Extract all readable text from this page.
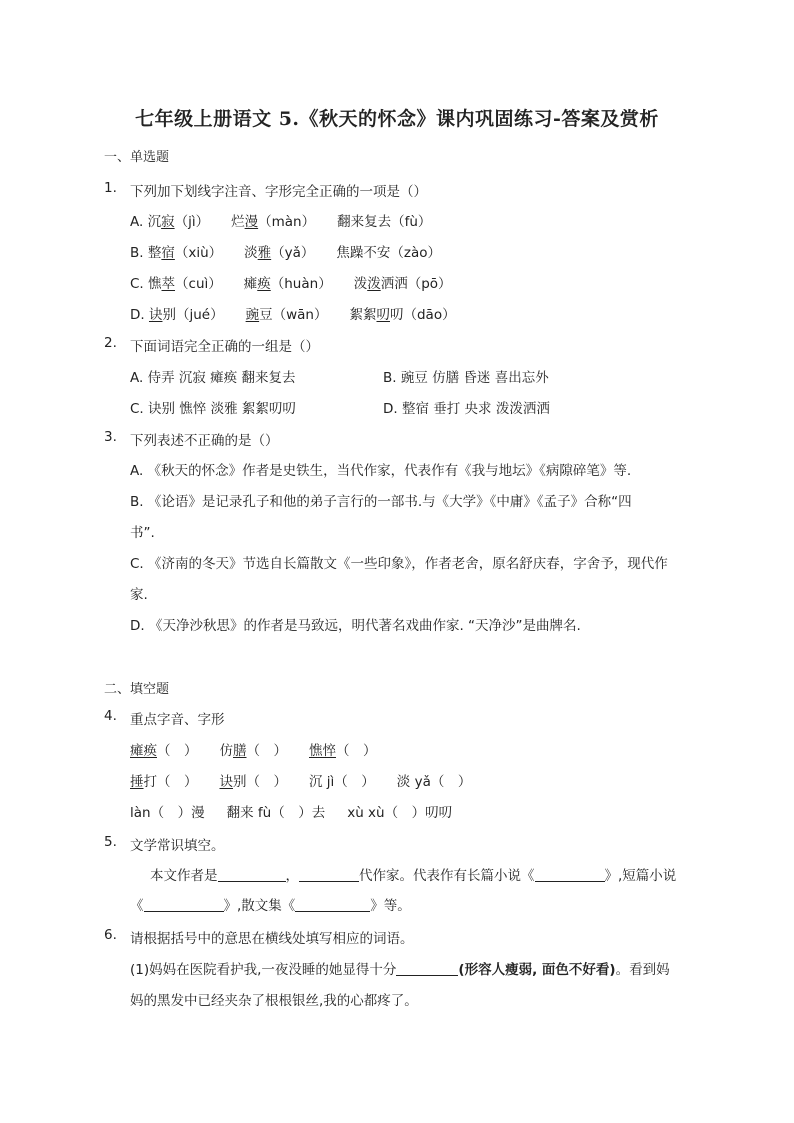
七年级上册语文 5.《秋天的怀念》课内巩固练习-答案及赏析
一、单选题
1. 下列加下划线字注音、字形完全正确的一项是（）
A. 沉寂（jì） 烂漫（màn） 翻来复去（fù）
B. 整宿（xiù） 淡雅（yǎ） 焦躁不安（zào）
C. 憔萃（cuì） 瘫痪（huàn） 泼泼洒洒（pō）
D. 诀别（jué） 豌豆（wān） 絮絮叨叨（dāo）
2. 下面词语完全正确的一组是（）
A. 侍弄 沉寂 瘫痪 翻来复去	B. 豌豆 仿膳 昏迷 喜出忘外
C. 诀别 憔悴 淡雅 絮絮叨叨	D. 整宿 垂打 央求 泼泼洒洒
3. 下列表述不正确的是（）
A. 《秋天的怀念》作者是史铁生，当代作家，代表作有《我与地坛》《病隙碎笔》等.
B. 《论语》是记录孔子和他的弟子言行的一部书.与《大学》《中庸》《孟子》合称“四
书”.
C. 《济南的冬天》节选自长篇散文《一些印象》，作者老舍，原名舒庆春，字舍予，现代作
家.
D. 《天净沙秋思》的作者是马致远，明代著名戏曲作家. “天净沙”是曲牌名.
二、填空题
4. 重点字音、字形
瘫痪（　） 仿膳（　） 憔悴（　）
捶打（　） 诀别（　） 沉 jì（　） 淡 yǎ（　）
làn（　）漫 翻来 fù（　）去 xù xù（　）叨叨
5. 文学常识填空。
本文作者是	，	代作家。代表作有长篇小说《	》,短篇小说
《	》,散文集《	》等。
6. 请根据括号中的意思在横线处填写相应的词语。
(1)妈妈在医院看护我,一夜没睡的她显得十分	(形容人瘦弱, 面色不好看)。看到妈
妈的黑发中已经夹杂了根根银丝,我的心都疼了。
